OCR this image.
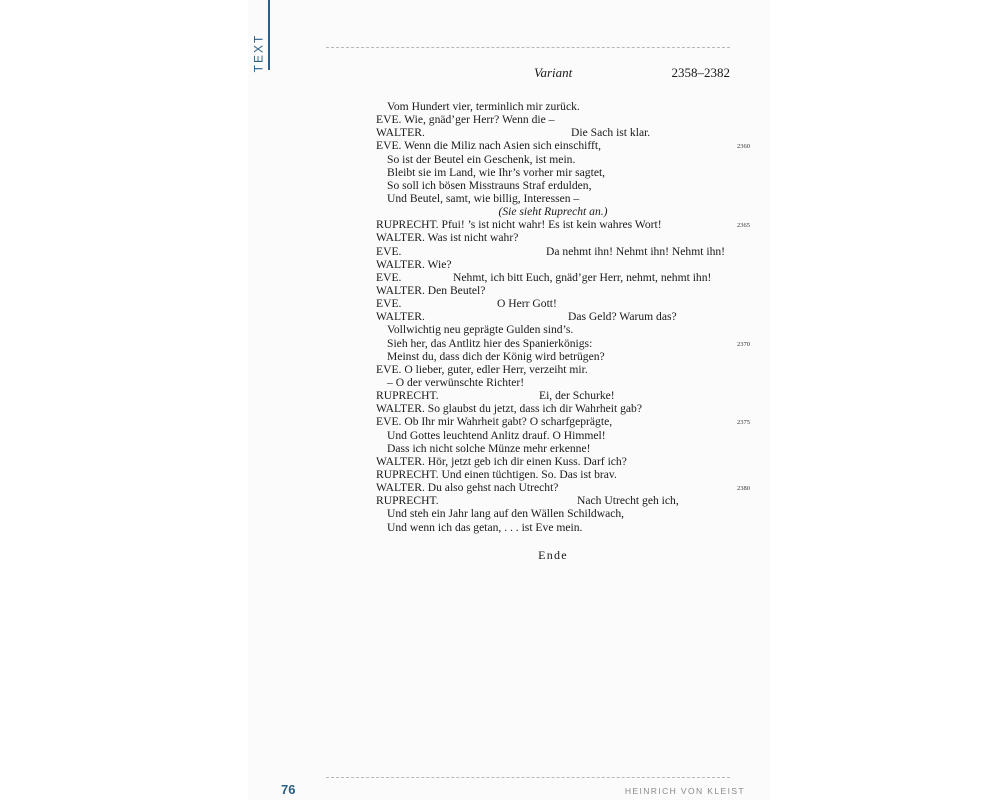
TEXT
Variant	2358–2382
Vom Hundert vier, terminlich mir zurück.
EVE. Wie, gnäd’ger Herr? Wenn die –
WALTER.	Die Sach ist klar.
EVE. Wenn die Miliz nach Asien sich einschifft,	2360
So ist der Beutel ein Geschenk, ist mein.
Bleibt sie im Land, wie Ihr’s vorher mir sagtet,
So soll ich bösen Misstrauns Straf erdulden,
Und Beutel, samt, wie billig, Interessen –
(Sie sieht Ruprecht an.)
RUPRECHT. Pfui! ’s ist nicht wahr! Es ist kein wahres Wort!	2365
WALTER. Was ist nicht wahr?
EVE.	Da nehmt ihn! Nehmt ihn! Nehmt ihn!
WALTER. Wie?
EVE.	Nehmt, ich bitt Euch, gnäd’ger Herr, nehmt, nehmt ihn!
WALTER. Den Beutel?
EVE.	O Herr Gott!
WALTER.	Das Geld? Warum das?
Vollwichtig neu geprägte Gulden sind’s.
Sieh her, das Antlitz hier des Spanierkönigs:	2370
Meinst du, dass dich der König wird betrügen?
EVE. O lieber, guter, edler Herr, verzeiht mir.
– O der verwünschte Richter!
RUPRECHT.	Ei, der Schurke!
WALTER. So glaubst du jetzt, dass ich dir Wahrheit gab?
EVE. Ob Ihr mir Wahrheit gabt? O scharfgeprägte,	2375
Und Gottes leuchtend Anlitz drauf. O Himmel!
Dass ich nicht solche Münze mehr erkenne!
WALTER. Hör, jetzt geb ich dir einen Kuss. Darf ich?
RUPRECHT. Und einen tüchtigen. So. Das ist brav.
WALTER. Du also gehst nach Utrecht?	2380
RUPRECHT.	Nach Utrecht geh ich,
Und steh ein Jahr lang auf den Wällen Schildwach,
Und wenn ich das getan, . . . ist Eve mein.
Ende
76	HEINRICH VON KLEIST
